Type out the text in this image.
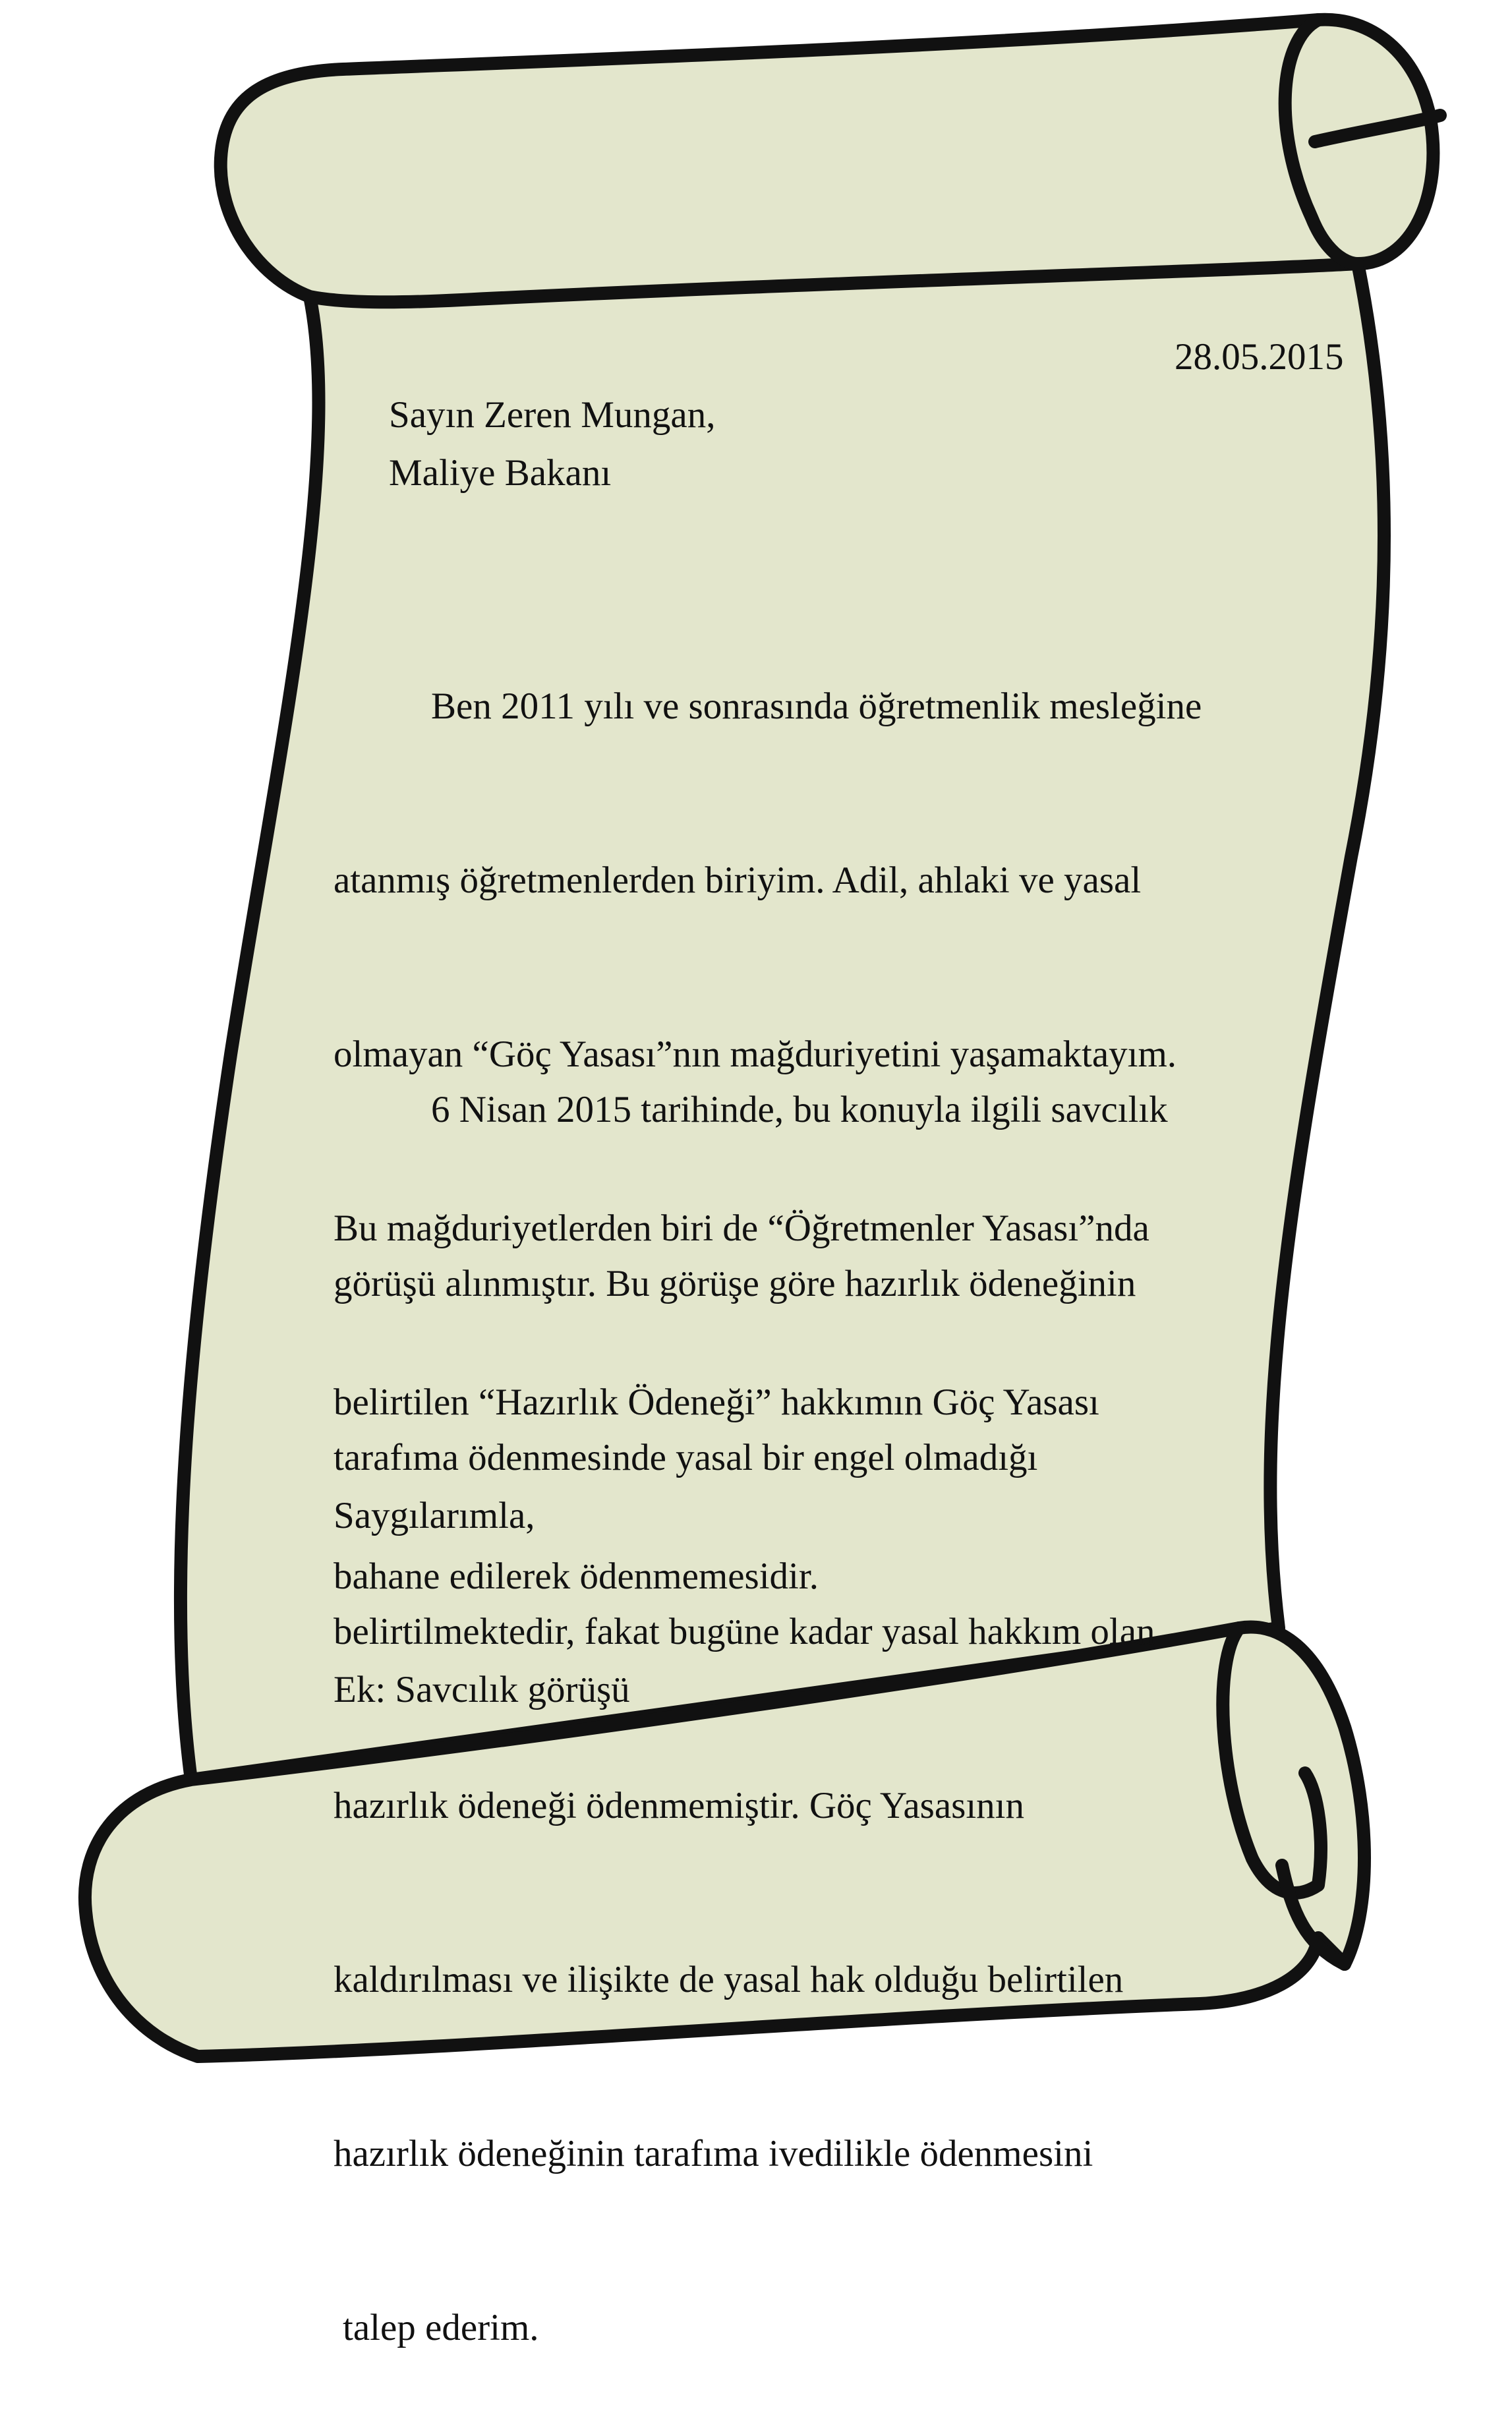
28.05.2015
Sayın Zeren Mungan,
Maliye Bakanı

Ben 2011 yılı ve sonrasında öğretmenlik mesleğine

atanmış öğretmenlerden biriyim. Adil, ahlaki ve yasal

olmayan “Göç Yasası”nın mağduriyetini yaşamaktayım.

Bu mağduriyetlerden biri de “Öğretmenler Yasası”nda

belirtilen “Hazırlık Ödeneği” hakkımın Göç Yasası

bahane edilerek ödenmemesidir.

6 Nisan 2015 tarihinde, bu konuyla ilgili savcılık

görüşü alınmıştır. Bu görüşe göre hazırlık ödeneğinin

tarafıma ödenmesinde yasal bir engel olmadığı

belirtilmektedir, fakat bugüne kadar yasal hakkım olan

hazırlık ödeneği ödenmemiştir. Göç Yasasının

kaldırılması ve ilişikte de yasal hak olduğu belirtilen

hazırlık ödeneğinin tarafıma ivedilikle ödenmesini

talep ederim.

Saygılarımla,
Ek: Savcılık görüşü
